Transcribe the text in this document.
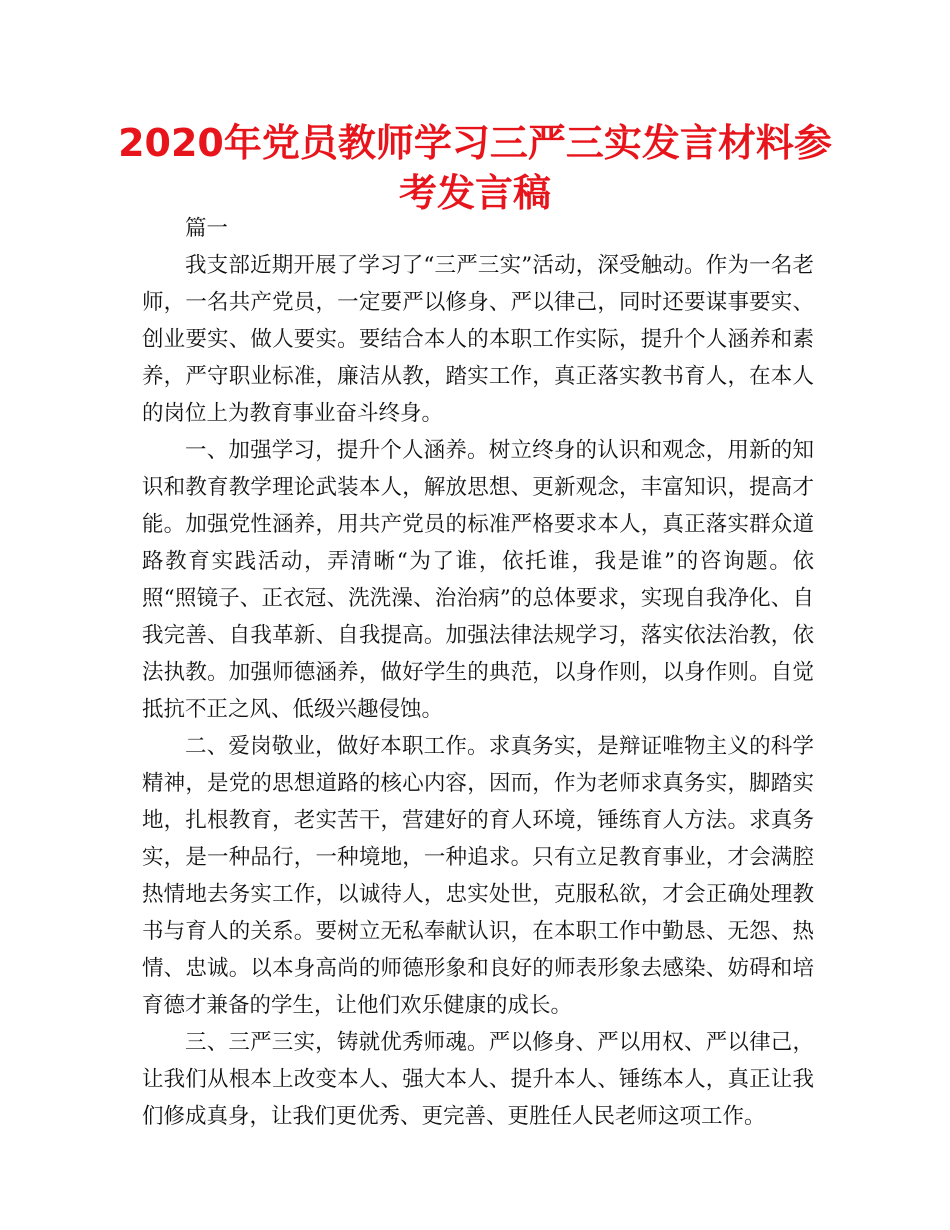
2020年党员教师学习三严三实发言材料参考发言稿

篇一

我支部近期开展了学习了“三严三实”活动，深受触动。作为一名老师，一名共产党员，一定要严以修身、严以律己，同时还要谋事要实、创业要实、做人要实。要结合本人的本职工作实际，提升个人涵养和素养，严守职业标准，廉洁从教，踏实工作，真正落实教书育人，在本人的岗位上为教育事业奋斗终身。

一、加强学习，提升个人涵养。树立终身的认识和观念，用新的知识和教育教学理论武装本人，解放思想、更新观念，丰富知识，提高才能。加强党性涵养，用共产党员的标准严格要求本人，真正落实群众道路教育实践活动，弄清晰“为了谁，依托谁，我是谁”的咨询题。依照“照镜子、正衣冠、洗洗澡、治治病”的总体要求，实现自我净化、自我完善、自我革新、自我提高。加强法律法规学习，落实依法治教，依法执教。加强师德涵养，做好学生的典范，以身作则，以身作则。自觉抵抗不正之风、低级兴趣侵蚀。

二、爱岗敬业，做好本职工作。求真务实，是辩证唯物主义的科学精神，是党的思想道路的核心内容，因而，作为老师求真务实，脚踏实地，扎根教育，老实苦干，营建好的育人环境，锤练育人方法。求真务实，是一种品行，一种境地，一种追求。只有立足教育事业，才会满腔热情地去务实工作，以诚待人，忠实处世，克服私欲，才会正确处理教书与育人的关系。要树立无私奉献认识，在本职工作中勤恳、无怨、热情、忠诚。以本身高尚的师德形象和良好的师表形象去感染、妨碍和培育德才兼备的学生，让他们欢乐健康的成长。

三、三严三实，铸就优秀师魂。严以修身、严以用权、严以律己，让我们从根本上改变本人、强大本人、提升本人、锤练本人，真正让我们修成真身，让我们更优秀、更完善、更胜任人民老师这项工作。
